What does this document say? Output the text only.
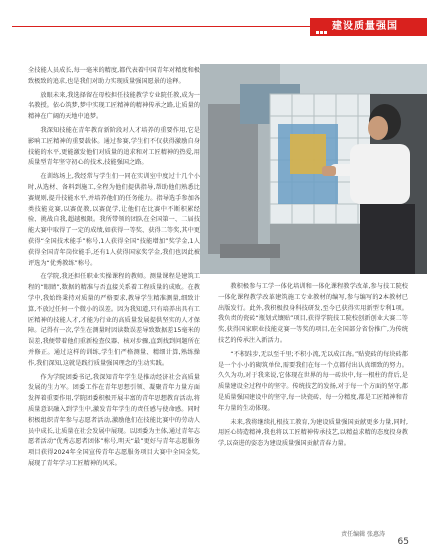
建设质量强国

全技能人员成长,每一毫米的精度,都代表着中国青年对精度和极致极致的追求,也是我们对助力实现质量强国愿景的诠释。

放眼未来,我选择留在母校担任技能教学专业院任教,成为一名教授。依心筑梦,梦中实现工匠精神的精神传承之路,让质量的精神在广阔的天地中追梦。

我深知技能在青年教育新阶段对人才培养的重要作用,它是影响工匠精神的重要载体。通过参赛,学生们不仅获得激励自身技能的水平,更能激发他们对质量的追求和对工匠精神的热爱,用质量型青年坚守初心的技术,技能强国之路。

在训练场上,我经常与学生们一同在实训室中度过十几个小时,从选材、备料到施工,全程为他们提供指导,帮助他们熟悉比赛规则,提升技能水平,并培养他们的任务能力。指导选手参加各类技能竞赛,以赛促教,以赛促学,让他们在比赛中不断积累经验、挑战自我,超越极限。我所带领的团队在全国第一、二届技能大赛中取得了一定的成绩,如获得一等奖、获得二等奖,其中更获得“全国技术能手”称号,1人获得全国“技能增加”奖学金,1人获得全国青年岗位能手,还有1人获得国家奖学金,我们也因此被评选为“优秀教练”称号。

在学院,我还担任职业实操课程的教师。测量课程是建筑工程的“眼睛”,数据的精准与否直接关系着工程质量的成败。在教学中,我始终秉持对质量的严格要求,教导学生精准测量,细致计算,不放过任何一个微小的误差。因为我知道,只有培养出具有工匠精神的技能人才,才能为行业的高质量发展提供坚实的人才保障。记得有一次,学生在测量时因读数误差导致数据差15毫米的误差,我便带着他们重新检查仪器、核对步骤,直到找到问题所在并修正。通过这样的训练,学生们严格测量、精细计算,熟练操作,我们深知,这就是践行质量强国理念的生动实践。

作为学院团委书记,我深知青年学生是推动经济社会高质量发展的生力军。团委工作在青年思想引领、凝聚青年力量方面发挥着重要作用,学院团委积极开展丰富的青年思想教育活动,将质量意识融入到学生中,激发青年学生的责任感与使命感。同时积极组织青年参与志愿者活动,激励他们在技能比赛中的劳动人员中成长,让质量在社会发展中展现。以团委为主体,通过青年志愿者活动“优秀志愿者团体”称号,明天“最”更好与青年志愿服务项目获得2024年全国宣传青年志愿服务项目大赛中全国金奖,展现了青年学习工匠精神的风采。

教积极参与工学一体化培训和一体化课程教学改革,参与技工院校一体化课程教学改革建筑施工专业教材的编写,参与编写的2本教材已出版发行。此外,我积极投身科技研发,至今已获得实用新型专利1项。我负责的瓷砖“瓶划式镶贴”项目,获得学院技工院校创新创业大赛二等奖,获得国家职业技能竞赛一等奖的项目,在全国部分省份推广,为传统技艺的传承注入新活力。

“不积跬步,无以至千里;不积小流,无以成江海。”贴瓷砖的每块砖都是一个小小的砌筑单位,需要我们在每一个点都付出认真细致的努力。久久为功,对于我来说,它体现在世界的每一砖块中,每一根柱的背后,是质量建设全过程中的坚守。传统技艺的发扬,对于每一个方面的坚守,都是质量强国建设中的坚守,每一块瓷砖、每一分精度,都是工匠精神和青年力量的生动体现。

未来,我将继续扎根技工教育,为建设质量强国贡献更多力量,同时,用匠心铸造精神,我也将以工匠精神传承技艺,以精益求精的态度投身教学,以奋进的姿态为建设质量强国贡献青春力量。

责任编辑 张惠涛
65
